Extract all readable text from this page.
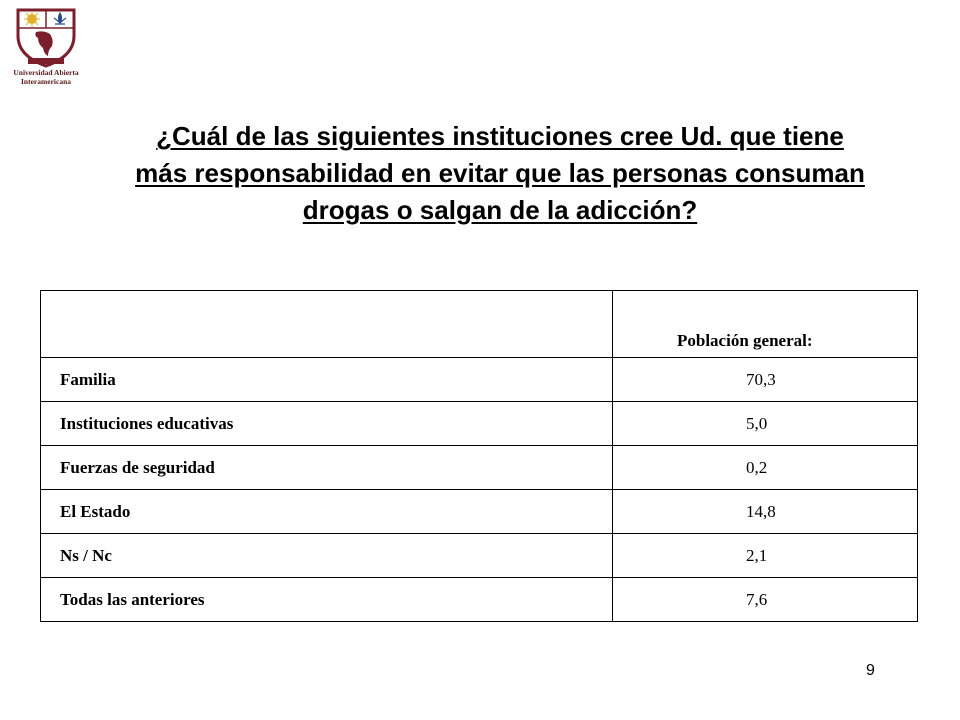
Universidad Abierta
Interamericana
¿Cuál de las siguientes instituciones cree Ud. que tiene
más responsabilidad en evitar que las personas consuman
drogas o salgan de la adicción?
	Población general:
Familia	70,3
Instituciones educativas	5,0
Fuerzas de seguridad	0,2
El Estado	14,8
Ns / Nc	2,1
Todas las anteriores	7,6
9
